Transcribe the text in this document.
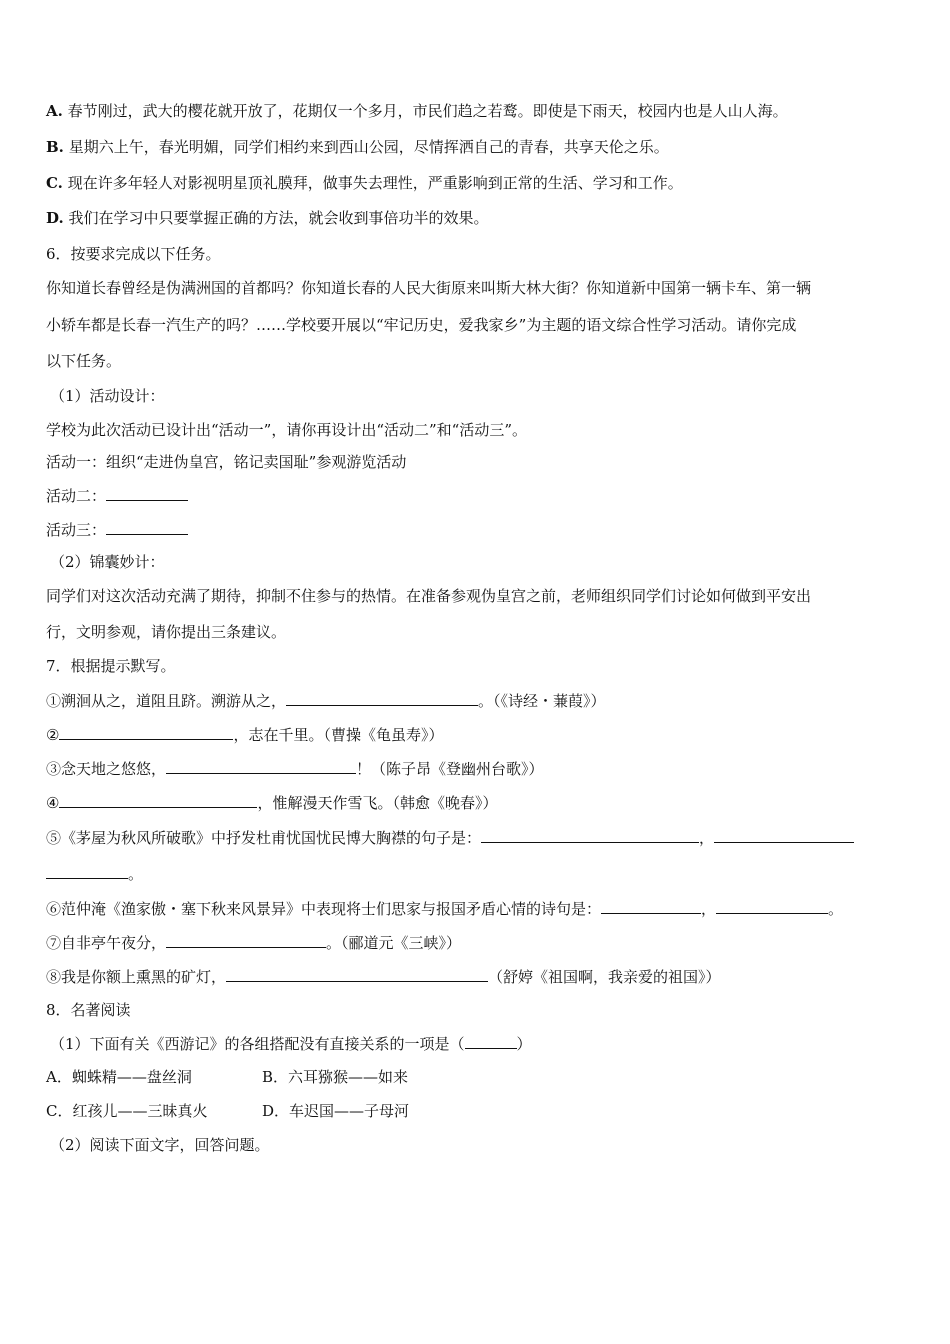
A. 春节刚过，武大的樱花就开放了，花期仅一个多月，市民们趋之若鹜。即使是下雨天，校园内也是人山人海。
B. 星期六上午，春光明媚，同学们相约来到西山公园，尽情挥洒自己的青春，共享天伦之乐。
C. 现在许多年轻人对影视明星顶礼膜拜，做事失去理性，严重影响到正常的生活、学习和工作。
D. 我们在学习中只要掌握正确的方法，就会收到事倍功半的效果。
6．按要求完成以下任务。
你知道长春曾经是伪满洲国的首都吗？你知道长春的人民大街原来叫斯大林大街？你知道新中国第一辆卡车、第一辆
小轿车都是长春一汽生产的吗？……学校要开展以“牢记历史，爱我家乡”为主题的语文综合性学习活动。请你完成
以下任务。
（1）活动设计：
学校为此次活动已设计出“活动一”，请你再设计出“活动二”和“活动三”。
活动一：组织“走进伪皇宫，铭记卖国耻”参观游览活动
活动二：
活动三：
（2）锦囊妙计：
同学们对这次活动充满了期待，抑制不住参与的热情。在准备参观伪皇宫之前，老师组织同学们讨论如何做到平安出
行，文明参观，请你提出三条建议。
7．根据提示默写。
①溯洄从之，道阻且跻。溯游从之，	。（《诗经・蒹葭》）
②	，志在千里。（曹操《龟虽寿》）
③念天地之悠悠，	！（陈子昂《登幽州台歌》）
④	，惟解漫天作雪飞。（韩愈《晚春》）
⑤《茅屋为秋风所破歌》中抒发杜甫忧国忧民博大胸襟的句子是：	，
。
⑥范仲淹《渔家傲・塞下秋来风景异》中表现将士们思家与报国矛盾心情的诗句是：	，	。
⑦自非亭午夜分，	。（郦道元《三峡》）
⑧我是你额上熏黑的矿灯，	（舒婷《祖国啊，我亲爱的祖国》）
8．名著阅读
（1）下面有关《西游记》的各组搭配没有直接关系的一项是（	）
A．蜘蛛精——盘丝洞	B．六耳猕猴——如来
C．红孩儿——三昧真火	D．车迟国——子母河
（2）阅读下面文字，回答问题。
